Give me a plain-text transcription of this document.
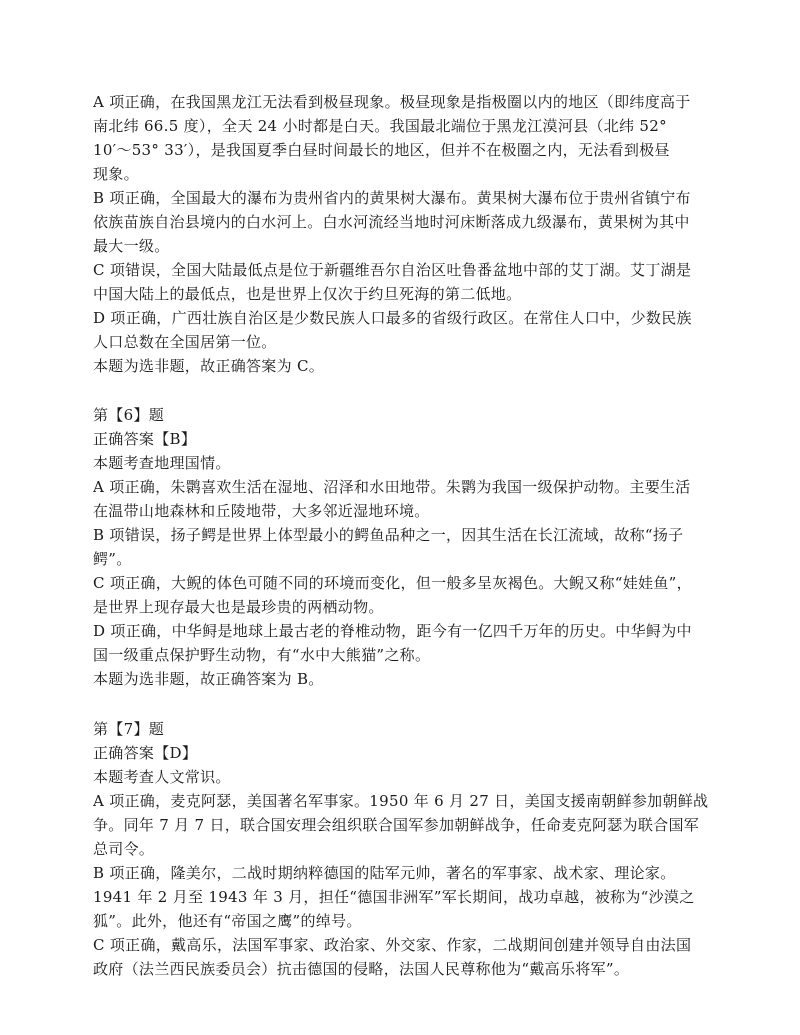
A 项正确，在我国黑龙江无法看到极昼现象。极昼现象是指极圈以内的地区（即纬度高于
南北纬 66.5 度），全天 24 小时都是白天。我国最北端位于黑龙江漠河县（北纬 52°
10′～53° 33′），是我国夏季白昼时间最长的地区，但并不在极圈之内，无法看到极昼
现象。
B 项正确，全国最大的瀑布为贵州省内的黄果树大瀑布。黄果树大瀑布位于贵州省镇宁布
依族苗族自治县境内的白水河上。白水河流经当地时河床断落成九级瀑布，黄果树为其中
最大一级。
C 项错误，全国大陆最低点是位于新疆维吾尔自治区吐鲁番盆地中部的艾丁湖。艾丁湖是
中国大陆上的最低点，也是世界上仅次于约旦死海的第二低地。
D 项正确，广西壮族自治区是少数民族人口最多的省级行政区。在常住人口中，少数民族
人口总数在全国居第一位。
本题为选非题，故正确答案为 C。
第【6】题
正确答案【B】
本题考查地理国情。
A 项正确，朱鹮喜欢生活在湿地、沼泽和水田地带。朱鹮为我国一级保护动物。主要生活
在温带山地森林和丘陵地带，大多邻近湿地环境。
B 项错误，扬子鳄是世界上体型最小的鳄鱼品种之一，因其生活在长江流域，故称“扬子
鳄”。
C 项正确，大鲵的体色可随不同的环境而变化，但一般多呈灰褐色。大鲵又称“娃娃鱼”，
是世界上现存最大也是最珍贵的两栖动物。
D 项正确，中华鲟是地球上最古老的脊椎动物，距今有一亿四千万年的历史。中华鲟为中
国一级重点保护野生动物，有“水中大熊猫”之称。
本题为选非题，故正确答案为 B。
第【7】题
正确答案【D】
本题考查人文常识。
A 项正确，麦克阿瑟，美国著名军事家。1950 年 6 月 27 日，美国支援南朝鲜参加朝鲜战
争。同年 7 月 7 日，联合国安理会组织联合国军参加朝鲜战争，任命麦克阿瑟为联合国军
总司令。
B 项正确，隆美尔，二战时期纳粹德国的陆军元帅，著名的军事家、战术家、理论家。
1941 年 2 月至 1943 年 3 月，担任“德国非洲军”军长期间，战功卓越，被称为“沙漠之
狐”。此外，他还有“帝国之鹰”的绰号。
C 项正确，戴高乐，法国军事家、政治家、外交家、作家，二战期间创建并领导自由法国
政府（法兰西民族委员会）抗击德国的侵略，法国人民尊称他为“戴高乐将军”。
